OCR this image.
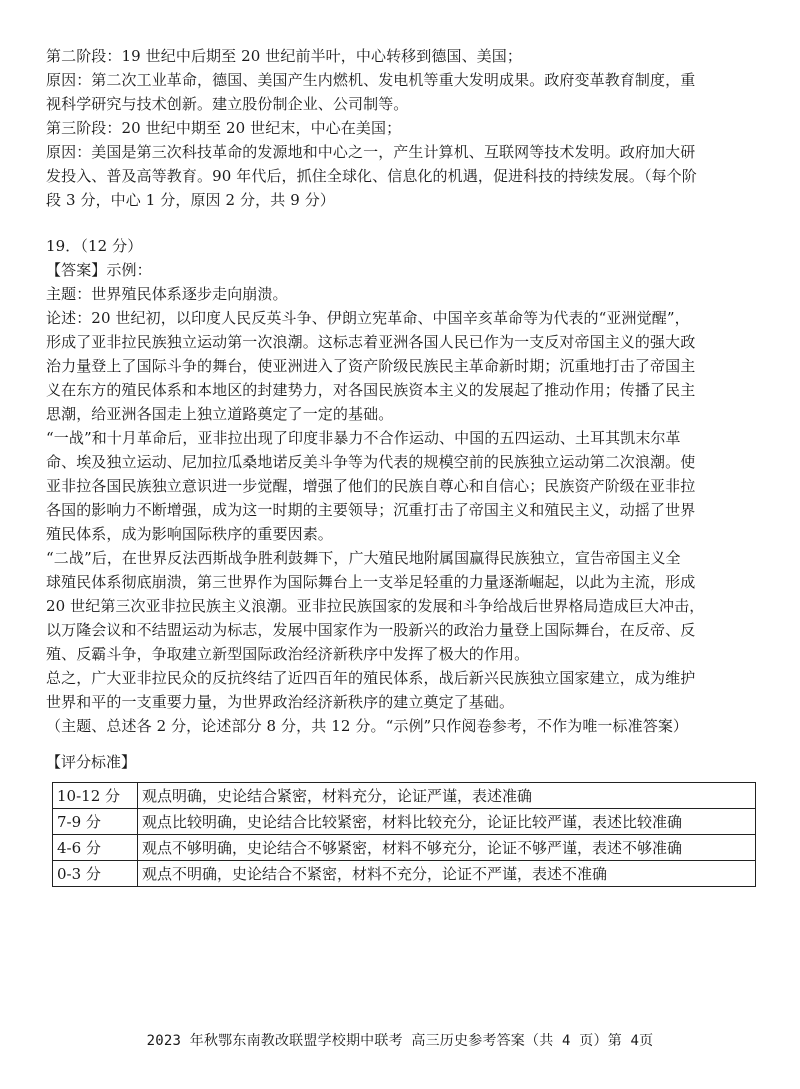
第二阶段：19 世纪中后期至 20 世纪前半叶，中心转移到德国、美国；
原因：第二次工业革命，德国、美国产生内燃机、发电机等重大发明成果。政府变革教育制度，重
视科学研究与技术创新。建立股份制企业、公司制等。
第三阶段：20 世纪中期至 20 世纪末，中心在美国；
原因：美国是第三次科技革命的发源地和中心之一，产生计算机、互联网等技术发明。政府加大研
发投入、普及高等教育。90 年代后，抓住全球化、信息化的机遇，促进科技的持续发展。（每个阶
段 3 分，中心 1 分，原因 2 分，共 9 分）
19．（12 分）
【答案】示例：
主题：世界殖民体系逐步走向崩溃。
论述：20 世纪初，以印度人民反英斗争、伊朗立宪革命、中国辛亥革命等为代表的“亚洲觉醒”，
形成了亚非拉民族独立运动第一次浪潮。这标志着亚洲各国人民已作为一支反对帝国主义的强大政
治力量登上了国际斗争的舞台，使亚洲进入了资产阶级民族民主革命新时期；沉重地打击了帝国主
义在东方的殖民体系和本地区的封建势力，对各国民族资本主义的发展起了推动作用；传播了民主
思潮，给亚洲各国走上独立道路奠定了一定的基础。
“一战”和十月革命后，亚非拉出现了印度非暴力不合作运动、中国的五四运动、土耳其凯末尔革
命、埃及独立运动、尼加拉瓜桑地诺反美斗争等为代表的规模空前的民族独立运动第二次浪潮。使
亚非拉各国民族独立意识进一步觉醒，增强了他们的民族自尊心和自信心；民族资产阶级在亚非拉
各国的影响力不断增强，成为这一时期的主要领导；沉重打击了帝国主义和殖民主义，动摇了世界
殖民体系，成为影响国际秩序的重要因素。
“二战”后，在世界反法西斯战争胜利鼓舞下，广大殖民地附属国赢得民族独立，宣告帝国主义全
球殖民体系彻底崩溃，第三世界作为国际舞台上一支举足轻重的力量逐渐崛起，以此为主流，形成
20 世纪第三次亚非拉民族主义浪潮。亚非拉民族国家的发展和斗争给战后世界格局造成巨大冲击，
以万隆会议和不结盟运动为标志，发展中国家作为一股新兴的政治力量登上国际舞台，在反帝、反
殖、反霸斗争，争取建立新型国际政治经济新秩序中发挥了极大的作用。
总之，广大亚非拉民众的反抗终结了近四百年的殖民体系，战后新兴民族独立国家建立，成为维护
世界和平的一支重要力量，为世界政治经济新秩序的建立奠定了基础。
（主题、总述各 2 分，论述部分 8 分，共 12 分。“示例”只作阅卷参考，不作为唯一标准答案）
【评分标准】
10-12 分	观点明确，史论结合紧密，材料充分，论证严谨，表述准确
7-9 分	观点比较明确，史论结合比较紧密，材料比较充分，论证比较严谨，表述比较准确
4-6 分	观点不够明确，史论结合不够紧密，材料不够充分，论证不够严谨，表述不够准确
0-3 分	观点不明确，史论结合不紧密，材料不充分，论证不严谨，表述不准确
2023 年秋鄂东南教改联盟学校期中联考 高三历史参考答案（共 4 页）第 4页
